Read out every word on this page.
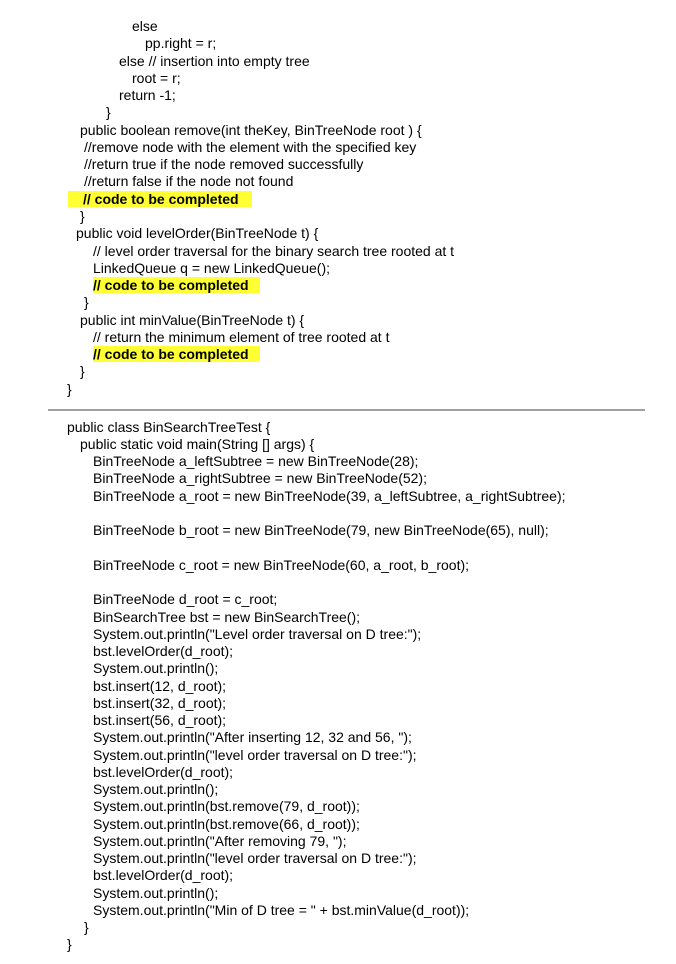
else
pp.right = r;
else // insertion into empty tree
root = r;
return -1;
}
public boolean remove(int theKey, BinTreeNode root ) {
//remove node with the element with the specified key
//return true if the node removed successfully
//return false if the node not found
// code to be completed
}
public void levelOrder(BinTreeNode t) {
// level order traversal for the binary search tree rooted at t
LinkedQueue q = new LinkedQueue();
// code to be completed
}
public int minValue(BinTreeNode t) {
// return the minimum element of tree rooted at t
// code to be completed
}
}
public class BinSearchTreeTest {
public static void main(String [] args) {
BinTreeNode a_leftSubtree = new BinTreeNode(28);
BinTreeNode a_rightSubtree = new BinTreeNode(52);
BinTreeNode a_root = new BinTreeNode(39, a_leftSubtree, a_rightSubtree);
BinTreeNode b_root = new BinTreeNode(79, new BinTreeNode(65), null);
BinTreeNode c_root = new BinTreeNode(60, a_root, b_root);
BinTreeNode d_root = c_root;
BinSearchTree bst = new BinSearchTree();
System.out.println("Level order traversal on D tree:");
bst.levelOrder(d_root);
System.out.println();
bst.insert(12, d_root);
bst.insert(32, d_root);
bst.insert(56, d_root);
System.out.println("After inserting 12, 32 and 56, ");
System.out.println("level order traversal on D tree:");
bst.levelOrder(d_root);
System.out.println();
System.out.println(bst.remove(79, d_root));
System.out.println(bst.remove(66, d_root));
System.out.println("After removing 79, ");
System.out.println("level order traversal on D tree:");
bst.levelOrder(d_root);
System.out.println();
System.out.println("Min of D tree = " + bst.minValue(d_root));
}
}
